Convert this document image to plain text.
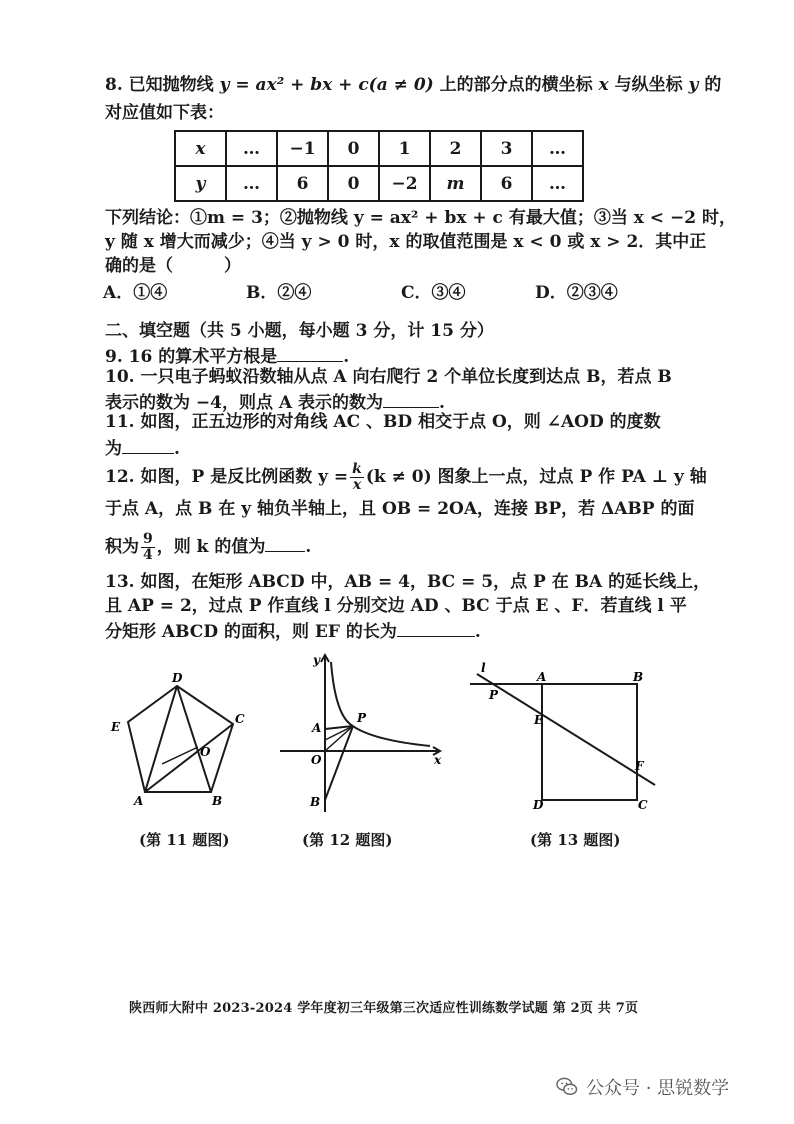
8. 已知抛物线 y = ax² + bx + c(a ≠ 0) 上的部分点的横坐标 x 与纵坐标 y 的
对应值如下表：
x	…	−1	0	1	2	3	…
y	…	6	0	−2	m	6	…
下列结论：①m = 3；②抛物线 y = ax² + bx + c 有最大值；③当 x < −2 时，
y 随 x 增大而减少；④当 y > 0 时，x 的取值范围是 x < 0 或 x > 2．其中正
确的是（　　　）
A．①④	B．②④	C．③④	D．②③④
二、填空题（共 5 小题，每小题 3 分，计 15 分）
9. 16 的算术平方根是	.
10. 一只电子蚂蚁沿数轴从点 A 向右爬行 2 个单位长度到达点 B，若点 B
表示的数为 −4，则点 A 表示的数为	.
11. 如图，正五边形的对角线 AC 、BD 相交于点 O，则 ∠AOD 的度数
为	.
12. 如图，P 是反比例函数 $y = \frac{k}{x} (k \ne 0)$ 图象上一点，过点 P 作 PA ⊥ y 轴
于点 A，点 B 在 y 轴负半轴上，且 OB = 2OA，连接 BP，若 ΔABP 的面
积为 $\frac{9}{4}$ ，则 k 的值为 .
13. 如图，在矩形 ABCD 中，AB = 4，BC = 5，点 P 在 BA 的延长线上，
且 AP = 2，过点 P 作直线 l 分别交边 AD 、BC 于点 E 、F．若直线 l 平
分矩形 ABCD 的面积，则 EF 的长为	.
D
E
C
O
A	B
(第 11 题图)
y
x
A
P
O
B
(第 12 题图)
l
A	B
P
E
F
D	C
(第 13 题图)
陕西师大附中 2023-2024 学年度初三年级第三次适应性训练数学试题 第 2页 共 7页
公众号 · 思锐数学
